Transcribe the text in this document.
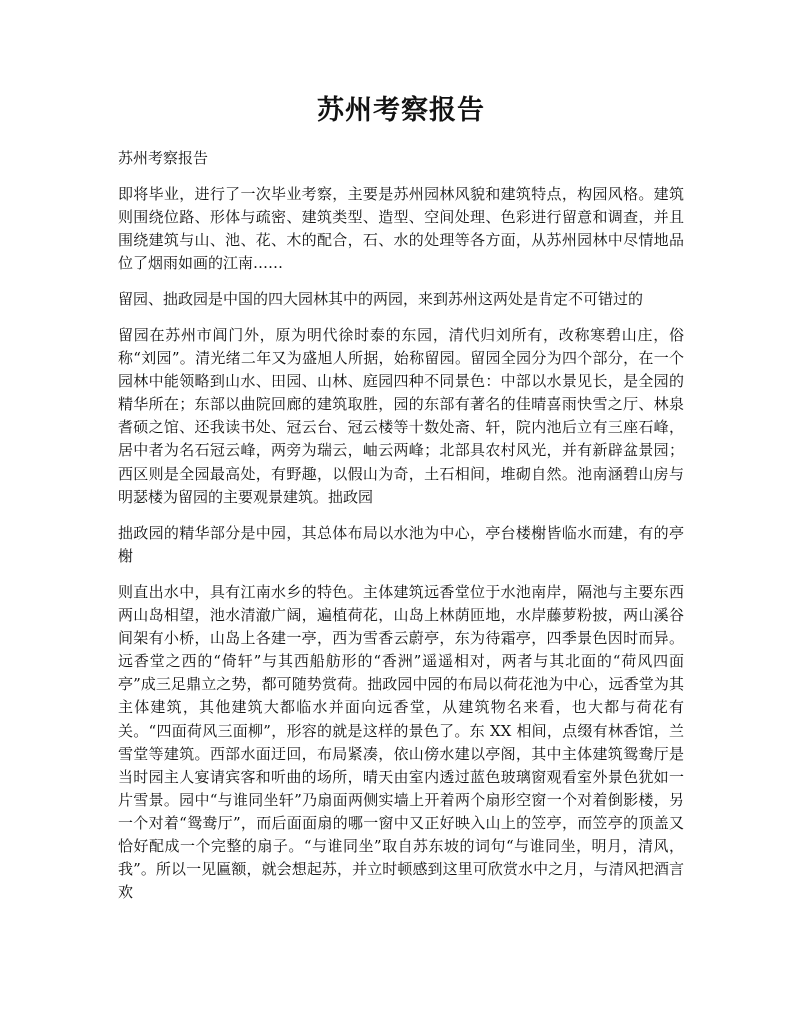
苏州考察报告

苏州考察报告

即将毕业，进行了一次毕业考察，主要是苏州园林风貌和建筑特点，构园风格。建筑则围绕位路、形体与疏密、建筑类型、造型、空间处理、色彩进行留意和调查，并且围绕建筑与山、池、花、木的配合，石、水的处理等各方面，从苏州园林中尽情地品位了烟雨如画的江南……

留园、拙政园是中国的四大园林其中的两园，来到苏州这两处是肯定不可错过的

留园在苏州市阊门外，原为明代徐时泰的东园，清代归刘所有，改称寒碧山庄，俗称“刘园”。清光绪二年又为盛旭人所据，始称留园。留园全园分为四个部分，在一个园林中能领略到山水、田园、山林、庭园四种不同景色：中部以水景见长，是全园的精华所在；东部以曲院回廊的建筑取胜，园的东部有著名的佳晴喜雨快雪之厅、林泉耆硕之馆、还我读书处、冠云台、冠云楼等十数处斋、轩，院内池后立有三座石峰，居中者为名石冠云峰，两旁为瑞云，岫云两峰；北部具农村风光，并有新辟盆景园；西区则是全园最高处，有野趣，以假山为奇，土石相间，堆砌自然。池南涵碧山房与明瑟楼为留园的主要观景建筑。拙政园

拙政园的精华部分是中园，其总体布局以水池为中心，亭台楼榭皆临水而建，有的亭榭

则直出水中，具有江南水乡的特色。主体建筑远香堂位于水池南岸，隔池与主要东西两山岛相望，池水清澈广阔，遍植荷花，山岛上林荫匝地，水岸藤萝粉披，两山溪谷间架有小桥，山岛上各建一亭，西为雪香云蔚亭，东为待霜亭，四季景色因时而异。远香堂之西的“倚轩”与其西船舫形的“香洲”遥遥相对，两者与其北面的“荷风四面亭”成三足鼎立之势，都可随势赏荷。拙政园中园的布局以荷花池为中心，远香堂为其主体建筑，其他建筑大都临水并面向远香堂，从建筑物名来看，也大都与荷花有关。“四面荷风三面柳”，形容的就是这样的景色了。东 XX 相间，点缀有林香馆，兰雪堂等建筑。西部水面迂回，布局紧凑，依山傍水建以亭阁，其中主体建筑鸳鸯厅是当时园主人宴请宾客和听曲的场所，晴天由室内透过蓝色玻璃窗观看室外景色犹如一片雪景。园中“与谁同坐轩”乃扇面两侧实墙上开着两个扇形空窗一个对着倒影楼，另一个对着“鸳鸯厅”，而后面面扇的哪一窗中又正好映入山上的笠亭，而笠亭的顶盖又恰好配成一个完整的扇子。“与谁同坐”取自苏东坡的词句“与谁同坐，明月，清风，我”。所以一见匾额，就会想起苏，并立时顿感到这里可欣赏水中之月，与清风把酒言欢
